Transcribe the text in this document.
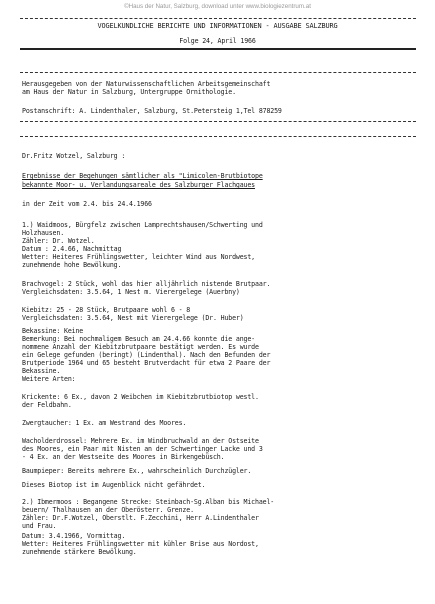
©Haus der Natur, Salzburg, download unter www.biologiezentrum.at
VOGELKUNDLICHE BERICHTE UND INFORMATIONEN - AUSGABE SALZBURG
Folge 24, April 1966
Herausgegeben von der Naturwissenschaftlichen Arbeitsgemeinschaft
am Haus der Natur in Salzburg, Untergruppe Ornithologie.
Postanschrift: A. Lindenthaler, Salzburg, St.Petersteig 1,Tel 878259
Dr.Fritz Wotzel, Salzburg :
Ergebnisse der Begehungen sämtlicher als "Limicolen-Brutbiotope
bekannte Moor- u. Verlandungsareale des Salzburger Flachgaues
in der Zeit vom 2.4. bis 24.4.1966
1.) Waidmoos, Bürgfelz zwischen Lamprechtshausen/Schwerting und
Holzhausen.
Zähler: Dr. Wotzel.
Datum : 2.4.66, Nachmittag
Wetter: Heiteres Frühlingswetter, leichter Wind aus Nordwest,
zunehmende hohe Bewölkung.
Brachvogel: 2 Stück, wohl das hier alljährlich nistende Brutpaar.
Vergleichsdaten: 3.5.64, 1 Nest m. Vierergelege (Auerbny)
Kiebitz: 25 - 28 Stück, Brutpaare wohl 6 - 8
Vergleichsdaten: 3.5.64, Nest mit Vierergelege (Dr. Huber)
Bekassine: Keine
Bemerkung: Bei nochmaligem Besuch am 24.4.66 konnte die ange-
nommene Anzahl der Kiebitzbrutpaare bestätigt werden. Es wurde
ein Gelege gefunden (beringt) (Lindenthal). Nach den Befunden der
Brutperiode 1964 und 65 besteht Brutverdacht für etwa 2 Paare der
Bekassine.
Weitere Arten:
Krickente: 6 Ex., davon 2 Weibchen im Kiebitzbrutbiotop westl.
der Feldbahn.
Zwergtaucher: 1 Ex. am Westrand des Moores.
Wacholderdrossel: Mehrere Ex. im Windbruchwald an der Ostseite
des Moores, ein Paar mit Nisten an der Schwertinger Lacke und 3
- 4 Ex. an der Westseite des Moores in Birkengebüsch.
Baumpieper: Bereits mehrere Ex., wahrscheinlich Durchzügler.
Dieses Biotop ist im Augenblick nicht gefährdet.
2.) Ibmermoos : Begangene Strecke: Steinbach-Sg.Alban bis Michael-
beuern/ Thalhausen an der Oberösterr. Grenze.
Zähler: Dr.F.Wotzel, Oberstlt. F.Zecchini, Herr A.Lindenthaler
und Frau.
Datum: 3.4.1966, Vormittag.
Wetter: Heiteres Frühlingswetter mit kühler Brise aus Nordost,
zunehmende stärkere Bewölkung.
